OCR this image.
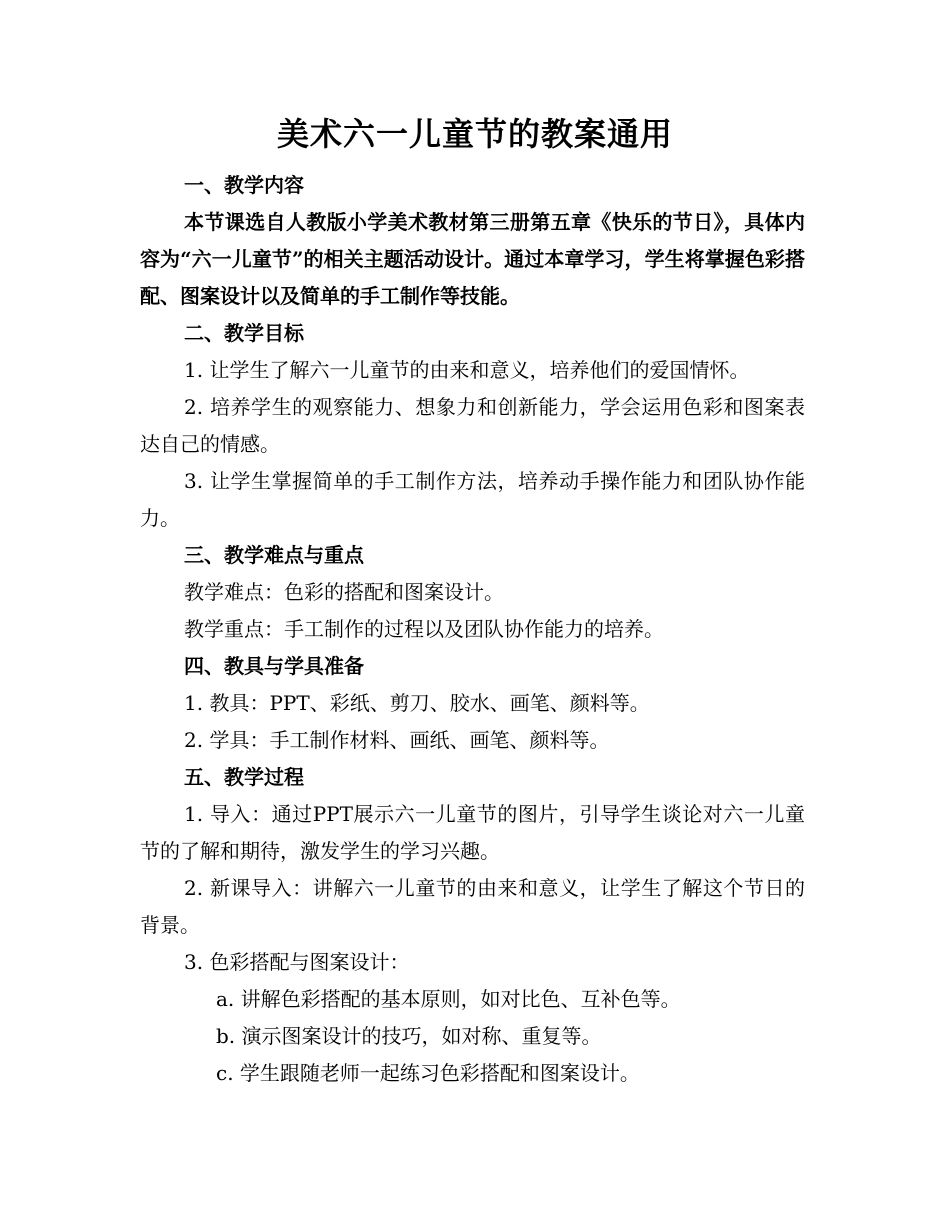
美术六一儿童节的教案通用

一、教学内容

本节课选自人教版小学美术教材第三册第五章《快乐的节日》，具体内容为“六一儿童节”的相关主题活动设计。通过本章学习，学生将掌握色彩搭配、图案设计以及简单的手工制作等技能。

二、教学目标

1. 让学生了解六一儿童节的由来和意义，培养他们的爱国情怀。

2. 培养学生的观察能力、想象力和创新能力，学会运用色彩和图案表达自己的情感。

3. 让学生掌握简单的手工制作方法，培养动手操作能力和团队协作能力。

三、教学难点与重点

教学难点：色彩的搭配和图案设计。

教学重点：手工制作的过程以及团队协作能力的培养。

四、教具与学具准备

1. 教具：PPT、彩纸、剪刀、胶水、画笔、颜料等。

2. 学具：手工制作材料、画纸、画笔、颜料等。

五、教学过程

1. 导入：通过PPT展示六一儿童节的图片，引导学生谈论对六一儿童节的了解和期待，激发学生的学习兴趣。

2. 新课导入：讲解六一儿童节的由来和意义，让学生了解这个节日的背景。

3. 色彩搭配与图案设计：

a. 讲解色彩搭配的基本原则，如对比色、互补色等。

b. 演示图案设计的技巧，如对称、重复等。

c. 学生跟随老师一起练习色彩搭配和图案设计。
